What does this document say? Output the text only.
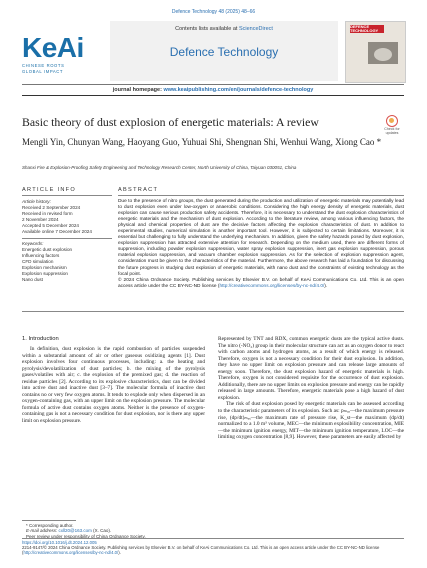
Defence Technology 48 (2025) 48–66
KeAi
CHINESE ROOTS
GLOBAL IMPACT
Contents lists available at ScienceDirect
Defence Technology
DEFENCE TECHNOLOGY
journal homepage: www.keaipublishing.com/en/journals/defence-technology
Basic theory of dust explosion of energetic materials: A review	Check for updates
Mengli Yin, Chunyan Wang, Haoyang Guo, Yuhuai Shi, Shengnan Shi, Wenhui Wang, Xiong Cao *
Shanxi Fire & Explosion-Proofing Safety Engineering and Technology Research Center, North University of China, Taiyuan 030051, China
ARTICLE INFO	ABSTRACT
Article history:
Received 2 September 2024
Received in revised form
2 November 2024
Accepted 5 December 2024
Available online 7 December 2024
Keywords:
Energetic dust explosion
Influencing factors
CFD simulation
Explosion mechanism
Explosion suppression
Nano dust
Due to the presence of nitro groups, the dust generated during the production and utilization of energetic materials may potentially lead to dust explosion even under low-oxygen or anaerobic conditions. Considering the high energy density of energetic materials, dust explosion can cause serious production safety accidents. Therefore, it is necessary to understand the dust explosion characteristics of energetic materials and the mechanism of dust explosion. According to the literature review, among various influencing factors, the physical and chemical properties of dust are the decisive factors affecting the explosion characteristics of dust. In addition to experimental studies, numerical simulation is another important tool. However, it is subjected to certain limitations. Moreover, it is essential but challenging to fully understand the underlying mechanism. In addition, given the safety hazards posed by dust explosion, explosion suppression has attracted extensive attention for research. Depending on the medium used, there are different forms of suppression, including powder explosion suppression, water spray explosion suppression, inert gas explosion suppression, porous material explosion suppression, and vacuum chamber explosion suppression. As for the selection of explosion suppression agent, consideration must be given to the characteristics of the material. Furthermore, the above research has laid a foundation for discussing the future progress in studying dust explosion of energetic materials, with nano dust and the constraints of existing technology as the focal point.
© 2024 China Ordnance Society. Publishing services by Elsevier B.V. on behalf of KeAi Communications Co. Ltd. This is an open access article under the CC BY-NC-ND license (http://creativecommons.org/licenses/by-nc-nd/4.0/).
1. Introduction
In definition, dust explosion is the rapid combustion of particles suspended within a substantial amount of air or other gaseous oxidizing agents [1]. Dust explosion involves four continuous processes, including: a. the heating and pyrolysis/devolatilization of dust particles; b. the mixing of the pyrolysis gases/volatiles with air; c. the explosion of the premixed gas; d. the reaction of residue particles [2]. According to its explosive characteristics, dust can be divided into active dust and inactive dust [3–7]. The molecular formula of inactive dust contains no or very few oxygen atoms. It tends to explode only when dispersed in an oxygen-containing gas, with an upper limit on the explosion pressure. The molecular formula of active dust contains oxygen atoms. Neither is the presence of oxygen-containing gas is not a necessary condition for dust explosion, nor is there any upper limit on explosion pressure.
Represented by TNT and RDX, common energetic dusts are the typical active dusts. The nitro (-NO₂) group in their molecular structure can act as an oxygen donor to react with carbon atoms and hydrogen atoms, as a result of which energy is released. Therefore, oxygen is not a necessary condition for their dust explosion. In addition, they have no upper limit on explosion pressure and can release large amounts of energy soon. Therefore, the dust explosion hazard of energetic materials is high. Therefore, oxygen is not considered requisite for the occurrence of dust explosion. Additionally, there are no upper limits on explosion pressure and energy can be rapidly released in large amounts. Therefore, energetic materials pose a high hazard of dust explosion.
The risk of dust explosion posed by energetic materials can be assessed according to the characteristic parameters of its explosion. Such as: pₘₐₓ—the maximum pressure rise, (dp/dt)ₘₐₓ—the maximum rate of pressure rise, K_st—the maximum (dp/dt) normalized to a 1.0 m³ volume, MEC—the minimum explosibility concentration, MIE—the minimum ignition energy, MIT—the minimum ignition temperature, LOC—the limiting oxygen concentration [8,9]. However, these parameters are easily affected by
* Corresponding author.
E-mail address: cxll20@163.com (X. Cao).
Peer review under responsibility of China Ordnance Society.
https://doi.org/10.1016/j.dt.2024.12.005
2214-9147/© 2024 China Ordnance Society. Publishing services by Elsevier B.V. on behalf of KeAi Communications Co. Ltd. This is an open access article under the CC BY-NC-ND license (http://creativecommons.org/licenses/by-nc-nd/4.0/).
